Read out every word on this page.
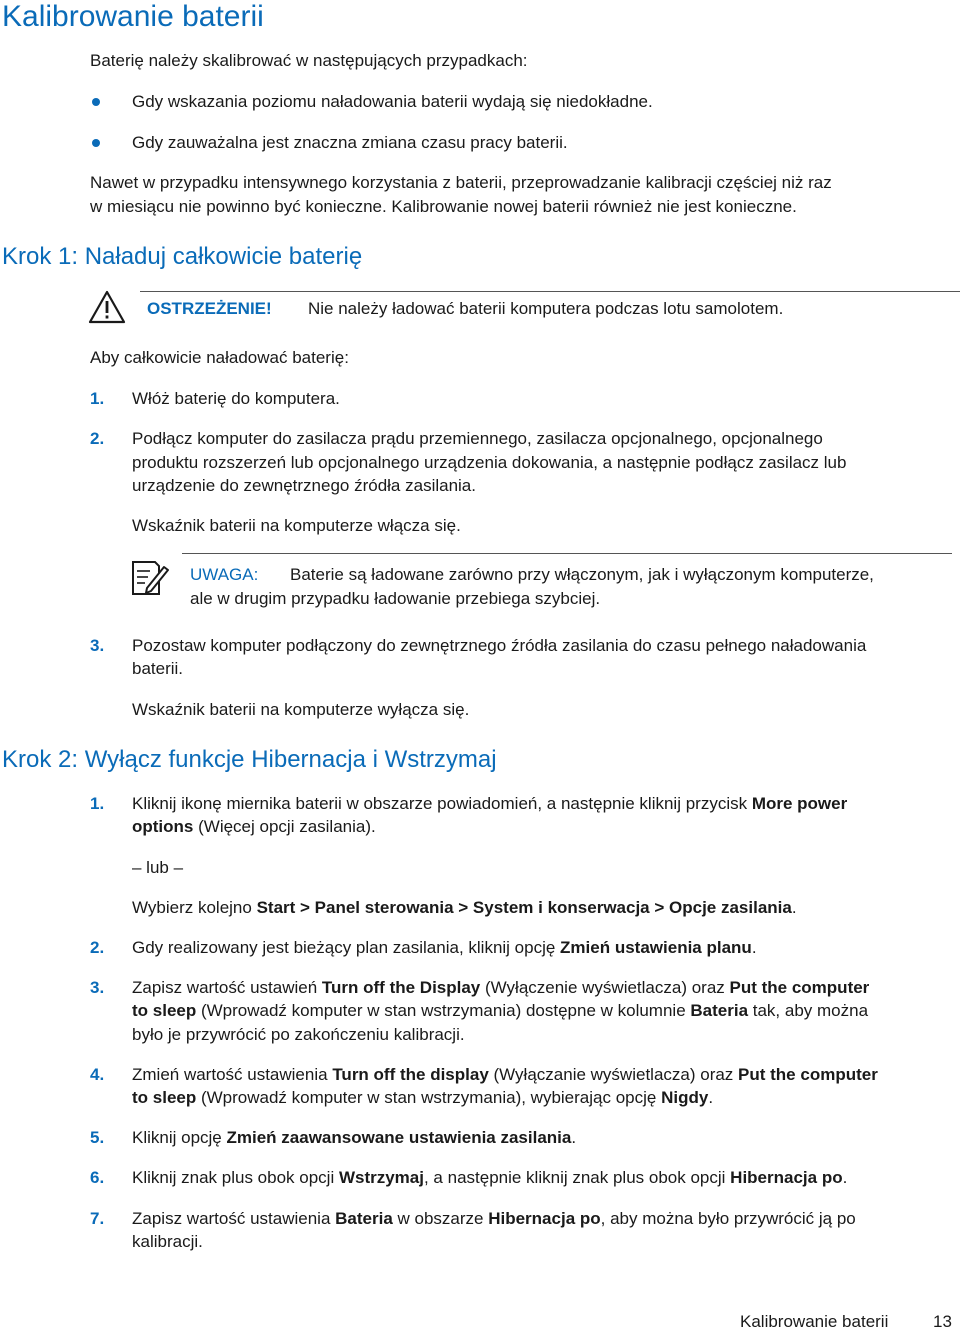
Kalibrowanie baterii
Baterię należy skalibrować w następujących przypadkach:
Gdy wskazania poziomu naładowania baterii wydają się niedokładne.
Gdy zauważalna jest znaczna zmiana czasu pracy baterii.
Nawet w przypadku intensywnego korzystania z baterii, przeprowadzanie kalibracji częściej niż raz
w miesiącu nie powinno być konieczne. Kalibrowanie nowej baterii również nie jest konieczne.
Krok 1: Naładuj całkowicie baterię
OSTRZEŻENIE! Nie należy ładować baterii komputera podczas lotu samolotem.
Aby całkowicie naładować baterię:
1. Włóż baterię do komputera.
2. Podłącz komputer do zasilacza prądu przemiennego, zasilacza opcjonalnego, opcjonalnego
produktu rozszerzeń lub opcjonalnego urządzenia dokowania, a następnie podłącz zasilacz lub
urządzenie do zewnętrznego źródła zasilania.
Wskaźnik baterii na komputerze włącza się.
UWAGA: Baterie są ładowane zarówno przy włączonym, jak i wyłączonym komputerze,
ale w drugim przypadku ładowanie przebiega szybciej.
3. Pozostaw komputer podłączony do zewnętrznego źródła zasilania do czasu pełnego naładowania
baterii.
Wskaźnik baterii na komputerze wyłącza się.
Krok 2: Wyłącz funkcje Hibernacja i Wstrzymaj
1. Kliknij ikonę miernika baterii w obszarze powiadomień, a następnie kliknij przycisk More power
options (Więcej opcji zasilania).
– lub –
Wybierz kolejno Start > Panel sterowania > System i konserwacja > Opcje zasilania.
2. Gdy realizowany jest bieżący plan zasilania, kliknij opcję Zmień ustawienia planu.
3. Zapisz wartość ustawień Turn off the Display (Wyłączenie wyświetlacza) oraz Put the computer
to sleep (Wprowadź komputer w stan wstrzymania) dostępne w kolumnie Bateria tak, aby można
było je przywrócić po zakończeniu kalibracji.
4. Zmień wartość ustawienia Turn off the display (Wyłączanie wyświetlacza) oraz Put the computer
to sleep (Wprowadź komputer w stan wstrzymania), wybierając opcję Nigdy.
5. Kliknij opcję Zmień zaawansowane ustawienia zasilania.
6. Kliknij znak plus obok opcji Wstrzymaj, a następnie kliknij znak plus obok opcji Hibernacja po.
7. Zapisz wartość ustawienia Bateria w obszarze Hibernacja po, aby można było przywrócić ją po
kalibracji.
Kalibrowanie baterii	13
